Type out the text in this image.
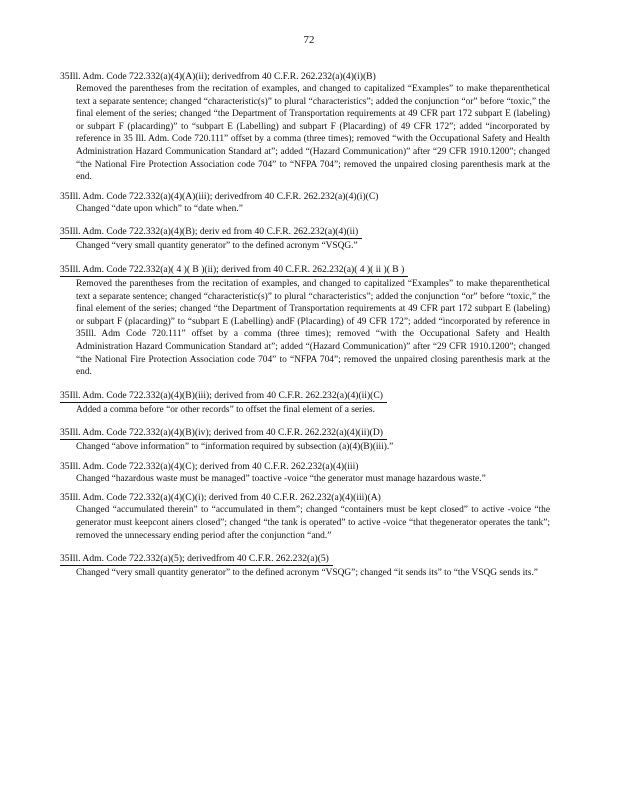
72
35Ill. Adm. Code 722.332(a)(4)(A)(ii); derivedfrom 40 C.F.R. 262.232(a)(4)(i)(B)
Removed the parentheses from the recitation of examples, and changed to capitalized “Examples” to make theparenthetical text a separate sentence; changed “characteristic(s)” to plural “characteristics”; added the conjunction “or” before “toxic,” the final element of the series; changed “the Department of Transportation requirements at 49 CFR part 172 subpart E (labeling) or subpart F (placarding)” to “subpart E (Labelling) and subpart F (Placarding) of 49 CFR 172”; added “incorporated by reference in 35 Ill. Adm. Code 720.111” offset by a comma (three times); removed “with the Occupational Safety and Health Administration Hazard Communication Standard at”; added “(Hazard Communication)” after “29 CFR 1910.1200”; changed “the National Fire Protection Association code 704” to “NFPA 704”; removed the unpaired closing parenthesis mark at the end.
35Ill. Adm. Code 722.332(a)(4)(A)(iii); derivedfrom 40 C.F.R. 262.232(a)(4)(i)(C)
Changed “date upon which” to “date when.”
35Ill. Adm. Code 722.332(a)(4)(B); deriv ed from 40 C.F.R. 262.232(a)(4)(ii)
Changed “very small quantity generator” to the defined acronym “VSQG.”
35Ill. Adm. Code 722.332(a)( 4 )( B )(ii); derived from 40 C.F.R. 262.232(a)( 4 )( ii )( B )
Removed the parentheses from the recitation of examples, and changed to capitalized “Examples” to make theparenthetical text a separate sentence; changed “characteristic(s)” to plural “characteristics”; added the conjunction “or” before “toxic,” the final element of the series; changed “the Department of Transportation requirements at 49 CFR part 172 subpart E (labeling) or subpart F (placarding)” to “subpart E (Labelling) andF (Placarding) of 49 CFR 172”; added “incorporated by reference in 35Ill. Adm Code 720.111” offset by a comma (three times); removed “with the Occupational Safety and Health Administration Hazard Communication Standard at”; added “(Hazard Communication)” after “29 CFR 1910.1200”; changed “the National Fire Protection Association code 704” to “NFPA 704”; removed the unpaired closing parenthesis mark at the end.
35Ill. Adm. Code 722.332(a)(4)(B)(iii); derived from 40 C.F.R. 262.232(a)(4)(ii)(C)
Added a comma before “or other records” to offset the final element of a series.
35Ill. Adm. Code 722.332(a)(4)(B)(iv); derived from 40 C.F.R. 262.232(a)(4)(ii)(D)
Changed “above information” to “information required by subsection (a)(4)(B)(iii).”
35Ill. Adm. Code 722.332(a)(4)(C); derived from 40 C.F.R. 262.232(a)(4)(iii)
Changed “hazardous waste must be managed” toactive -voice “the generator must manage hazardous waste.”
35Ill. Adm. Code 722.332(a)(4)(C)(i); derived from 40 C.F.R. 262.232(a)(4)(iii)(A)
Changed “accumulated therein” to “accumulated in them”; changed “containers must be kept closed” to active -voice “the generator must keepcont ainers closed”; changed “the tank is operated” to active -voice “that thegenerator operates the tank”; removed the unnecessary ending period after the conjunction “and.”
35Ill. Adm. Code 722.332(a)(5); derivedfrom 40 C.F.R. 262.232(a)(5)
Changed “very small quantity generator” to the defined acronym “VSQG”; changed “it sends its” to “the VSQG sends its.”
